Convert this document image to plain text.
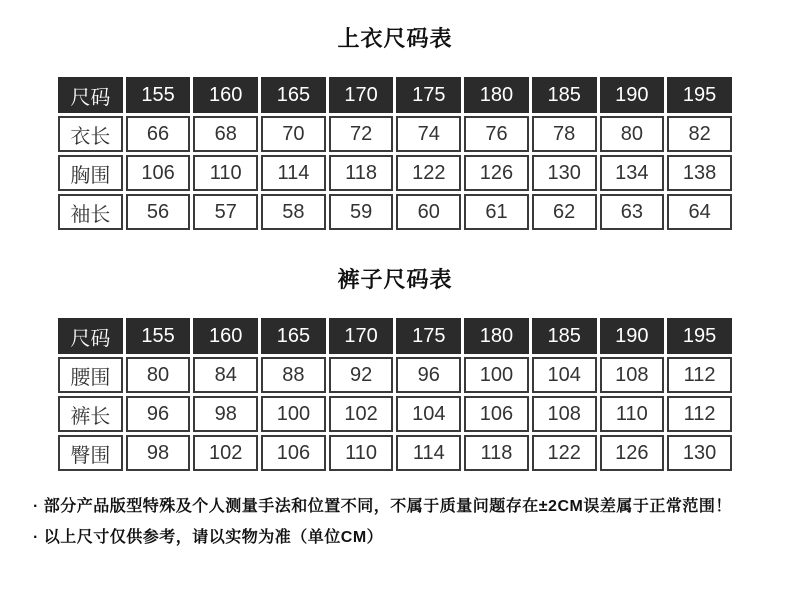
上衣尺码表
尺码	155	160	165	170	175	180	185	190	195
衣长	66	68	70	72	74	76	78	80	82
胸围	106	110	114	118	122	126	130	134	138
袖长	56	57	58	59	60	61	62	63	64
裤子尺码表
尺码	155	160	165	170	175	180	185	190	195
腰围	80	84	88	92	96	100	104	108	112
裤长	96	98	100	102	104	106	108	110	112
臀围	98	102	106	110	114	118	122	126	130

· 部分产品版型特殊及个人测量手法和位置不同，不属于质量问题存在±2CM误差属于正常范围！

· 以上尺寸仅供参考，请以实物为准（单位CM）
